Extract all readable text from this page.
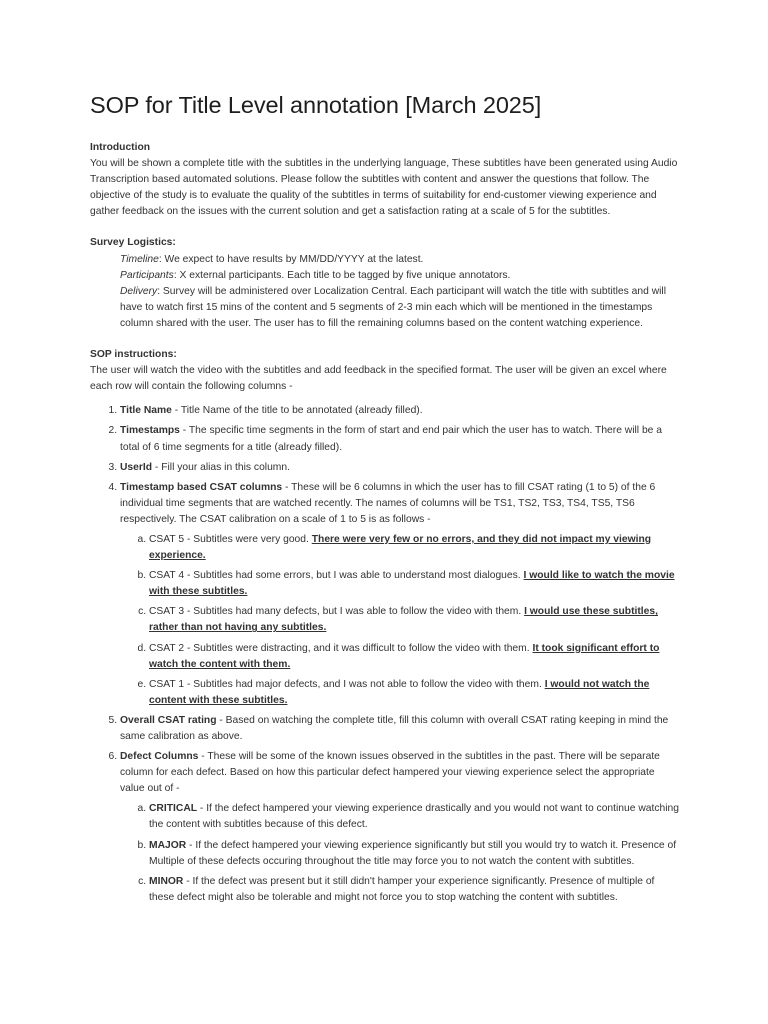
SOP for Title Level annotation [March 2025]

Introduction

You will be shown a complete title with the subtitles in the underlying language, These subtitles have been generated using Audio Transcription based automated solutions. Please follow the subtitles with content and answer the questions that follow. The objective of the study is to evaluate the quality of the subtitles in terms of suitability for end-customer viewing experience and gather feedback on the issues with the current solution and get a satisfaction rating at a scale of 5 for the subtitles.

Survey Logistics:

Timeline: We expect to have results by MM/DD/YYYY at the latest.

Participants: X external participants. Each title to be tagged by five unique annotators.

Delivery: Survey will be administered over Localization Central. Each participant will watch the title with subtitles and will have to watch first 15 mins of the content and 5 segments of 2-3 min each which will be mentioned in the timestamps column shared with the user. The user has to fill the remaining columns based on the content watching experience.

SOP instructions:

The user will watch the video with the subtitles and add feedback in the specified format. The user will be given an excel where each row will contain the following columns -

1. Title Name - Title Name of the title to be annotated (already filled).
2. Timestamps - The specific time segments in the form of start and end pair which the user has to watch. There will be a total of 6 time segments for a title (already filled).
3. UserId - Fill your alias in this column.
4. Timestamp based CSAT columns - These will be 6 columns in which the user has to fill CSAT rating (1 to 5) of the 6 individual time segments that are watched recently. The names of columns will be TS1, TS2, TS3, TS4, TS5, TS6 respectively. The CSAT calibration on a scale of 1 to 5 is as follows -
a. CSAT 5 - Subtitles were very good. There were very few or no errors, and they did not impact my viewing experience.
b. CSAT 4 - Subtitles had some errors, but I was able to understand most dialogues. I would like to watch the movie with these subtitles.
c. CSAT 3 - Subtitles had many defects, but I was able to follow the video with them. I would use these subtitles, rather than not having any subtitles.
d. CSAT 2 - Subtitles were distracting, and it was difficult to follow the video with them. It took significant effort to watch the content with them.
e. CSAT 1 - Subtitles had major defects, and I was not able to follow the video with them. I would not watch the content with these subtitles.
5. Overall CSAT rating - Based on watching the complete title, fill this column with overall CSAT rating keeping in mind the same calibration as above.
6. Defect Columns - These will be some of the known issues observed in the subtitles in the past. There will be separate column for each defect. Based on how this particular defect hampered your viewing experience select the appropriate value out of -
a. CRITICAL - If the defect hampered your viewing experience drastically and you would not want to continue watching the content with subtitles because of this defect.
b. MAJOR - If the defect hampered your viewing experience significantly but still you would try to watch it. Presence of Multiple of these defects occuring throughout the title may force you to not watch the content with subtitles.
c. MINOR - If the defect was present but it still didn't hamper your experience significantly. Presence of multiple of these defect might also be tolerable and might not force you to stop watching the content with subtitles.
